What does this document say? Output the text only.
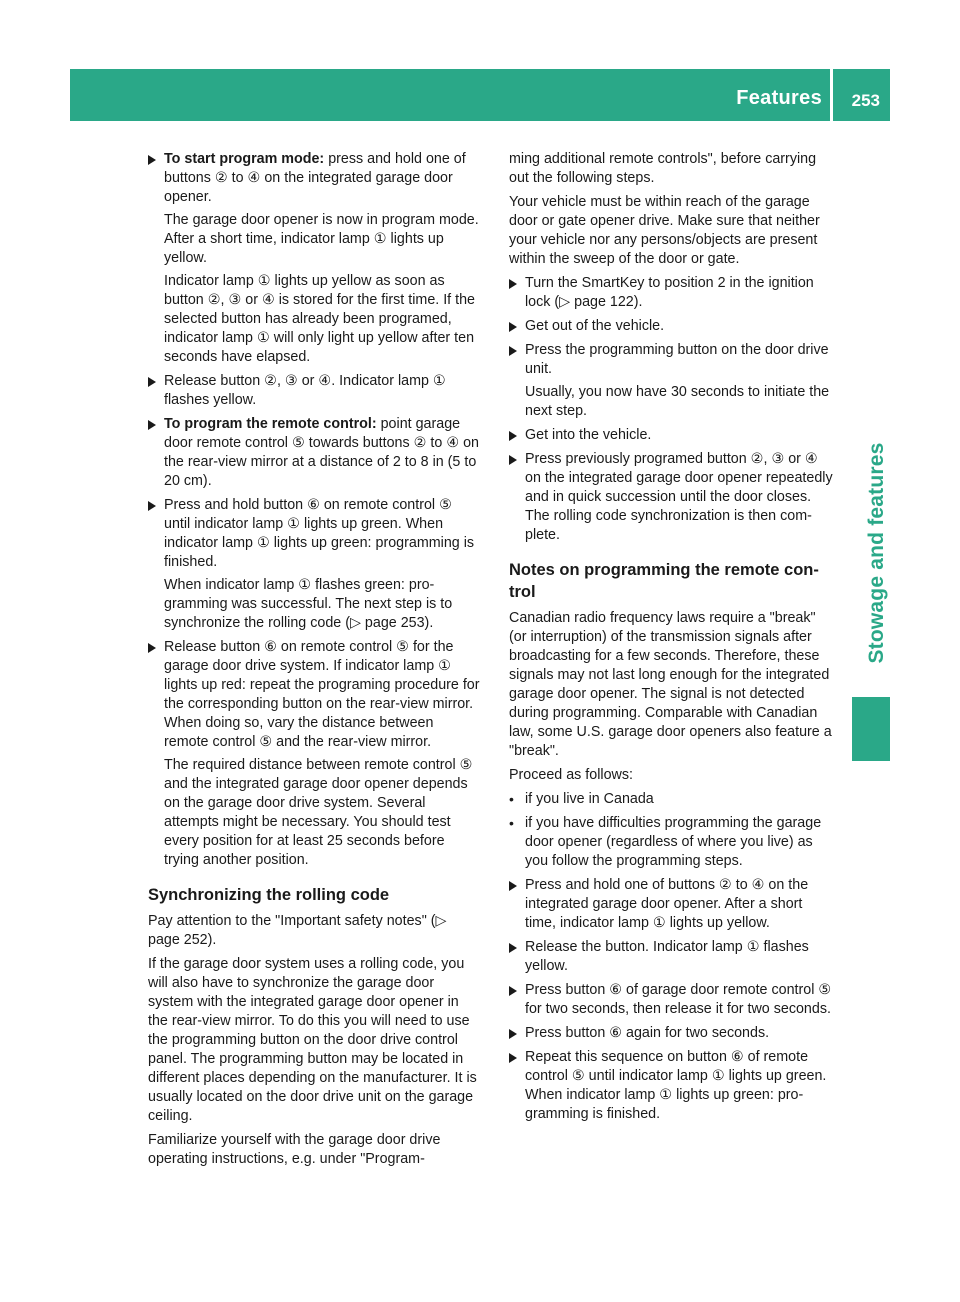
Features 253
Stowage and features

To start program mode: press and hold one of buttons ② to ④ on the integrated garage door opener.

The garage door opener is now in program mode. After a short time, indicator lamp ① lights up yellow.

Indicator lamp ① lights up yellow as soon as button ②, ③ or ④ is stored for the first time. If the selected button has already been programed, indicator lamp ① will only light up yellow after ten seconds have elapsed.

Release button ②, ③ or ④. Indicator lamp ① flashes yellow.

To program the remote control: point garage door remote control ⑤ towards buttons ② to ④ on the rear-view mirror at a distance of 2 to 8 in (5 to 20 cm).

Press and hold button ⑥ on remote control ⑤ until indicator lamp ① lights up green. When indicator lamp ① lights up green: programming is finished.

When indicator lamp ① flashes green: programming was successful. The next step is to synchronize the rolling code (▷ page 253).

Release button ⑥ on remote control ⑤ for the garage door drive system. If indicator lamp ① lights up red: repeat the programing procedure for the corresponding button on the rear-view mirror. When doing so, vary the distance between remote control ⑤ and the rear-view mirror.

The required distance between remote control ⑤ and the integrated garage door opener depends on the garage door drive system. Several attempts might be necessary. You should test every position for at least 25 seconds before trying another position.

Synchronizing the rolling code

Pay attention to the "Important safety notes" (▷ page 252).

If the garage door system uses a rolling code, you will also have to synchronize the garage door system with the integrated garage door opener in the rear-view mirror. To do this you will need to use the programming button on the door drive control panel. The programming button may be located in different places depending on the manufacturer. It is usually located on the door drive unit on the garage ceiling.

Familiarize yourself with the garage door drive operating instructions, e.g. under "Program-

ming additional remote controls", before carrying out the following steps.

Your vehicle must be within reach of the garage door or gate opener drive. Make sure that neither your vehicle nor any persons/objects are present within the sweep of the door or gate.

Turn the SmartKey to position 2 in the ignition lock (▷ page 122).

Get out of the vehicle.

Press the programming button on the door drive unit.

Usually, you now have 30 seconds to initiate the next step.

Get into the vehicle.

Press previously programed button ②, ③ or ④ on the integrated garage door opener repeatedly and in quick succession until the door closes. The rolling code synchronization is then complete.

Notes on programming the remote control

Canadian radio frequency laws require a "break" (or interruption) of the transmission signals after broadcasting for a few seconds. Therefore, these signals may not last long enough for the integrated garage door opener. The signal is not detected during programming. Comparable with Canadian law, some U.S. garage door openers also feature a "break".

Proceed as follows:

• if you live in Canada

• if you have difficulties programming the garage door opener (regardless of where you live) as you follow the programming steps.

Press and hold one of buttons ② to ④ on the integrated garage door opener. After a short time, indicator lamp ① lights up yellow.

Release the button. Indicator lamp ① flashes yellow.

Press button ⑥ of garage door remote control ⑤ for two seconds, then release it for two seconds.

Press button ⑥ again for two seconds.

Repeat this sequence on button ⑥ of remote control ⑤ until indicator lamp ① lights up green. When indicator lamp ① lights up green: programming is finished.
